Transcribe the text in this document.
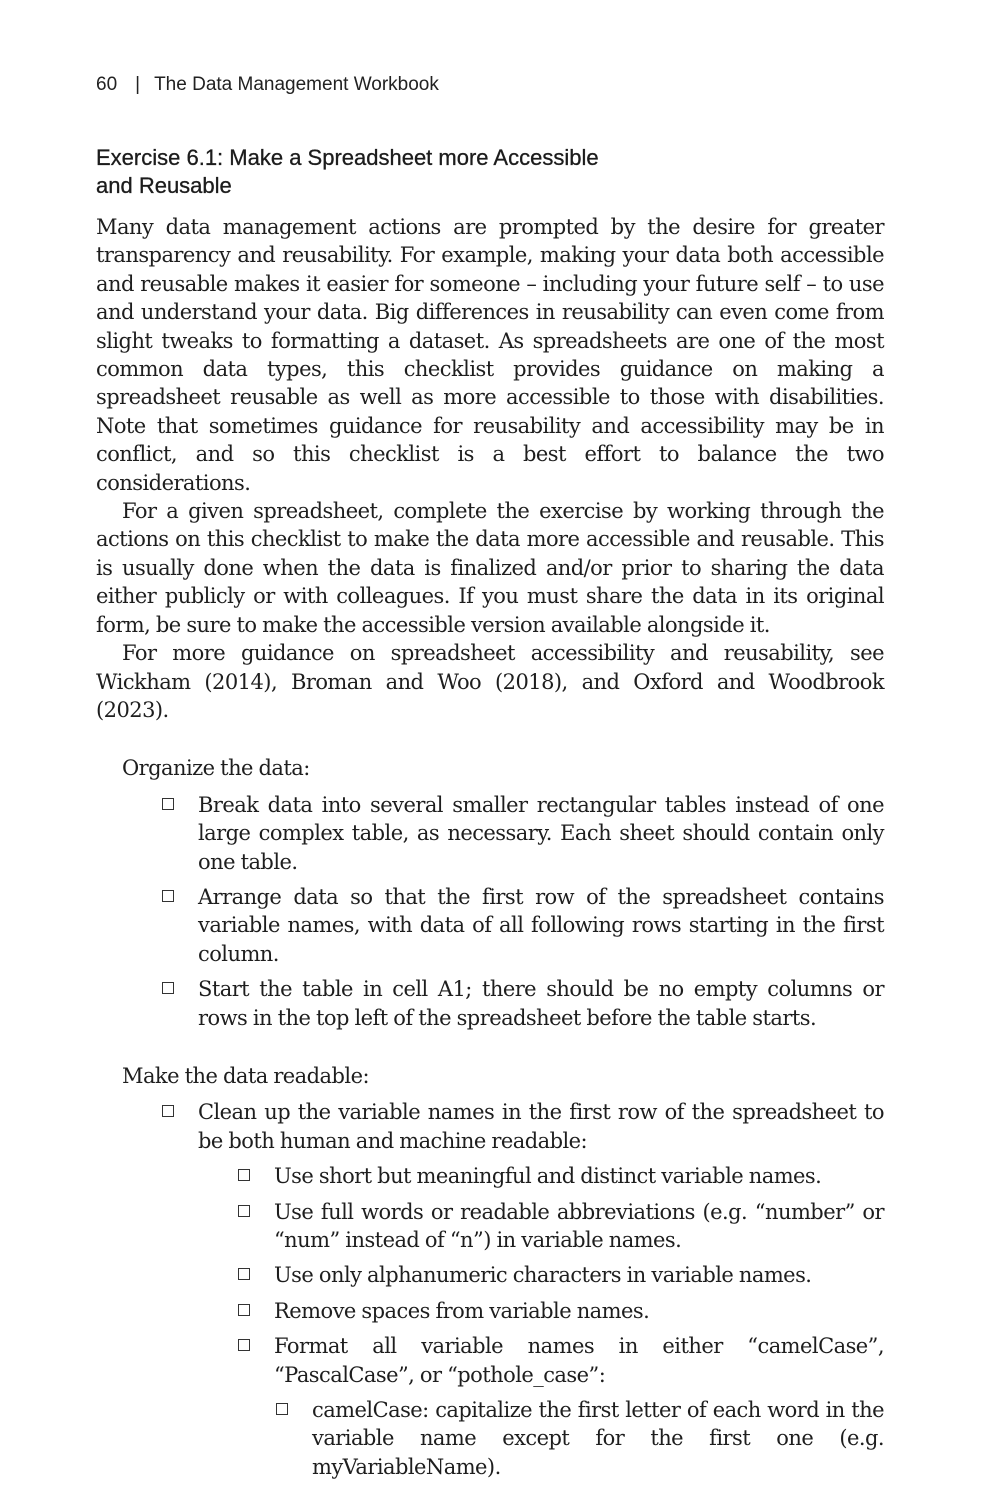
60 | The Data Management Workbook
Exercise 6.1: Make a Spreadsheet more Accessible
and Reusable

Many data management actions are prompted by the desire for greater transparency and reusability. For example, making your data both accessible and reusable makes it easier for someone – including your future self – to use and understand your data. Big differences in reusability can even come from slight tweaks to formatting a dataset. As spreadsheets are one of the most common data types, this checklist provides guidance on making a spreadsheet reusable as well as more accessible to those with disabilities. Note that sometimes guidance for reusability and accessibility may be in conflict, and so this checklist is a best effort to balance the two considerations.

For a given spreadsheet, complete the exercise by working through the actions on this checklist to make the data more accessible and reusable. This is usually done when the data is finalized and/or prior to sharing the data either publicly or with colleagues. If you must share the data in its original form, be sure to make the accessible version available alongside it.

For more guidance on spreadsheet accessibility and reusability, see Wickham (2014), Broman and Woo (2018), and Oxford and Woodbrook (2023).

Organize the data:
Break data into several smaller rectangular tables instead of one large complex table, as necessary. Each sheet should contain only one table.
Arrange data so that the first row of the spreadsheet contains variable names, with data of all following rows starting in the first column.
Start the table in cell A1; there should be no empty columns or rows in the top left of the spreadsheet before the table starts.
Make the data readable:
Clean up the variable names in the first row of the spreadsheet to be both human and machine readable:
Use short but meaningful and distinct variable names.
Use full words or readable abbreviations (e.g. “number” or “num” instead of “n”) in variable names.
Use only alphanumeric characters in variable names.
Remove spaces from variable names.
Format all variable names in either “camelCase”, “PascalCase”, or “pothole_case”:
camelCase: capitalize the first letter of each word in the variable name except for the first one (e.g. myVariableName).
